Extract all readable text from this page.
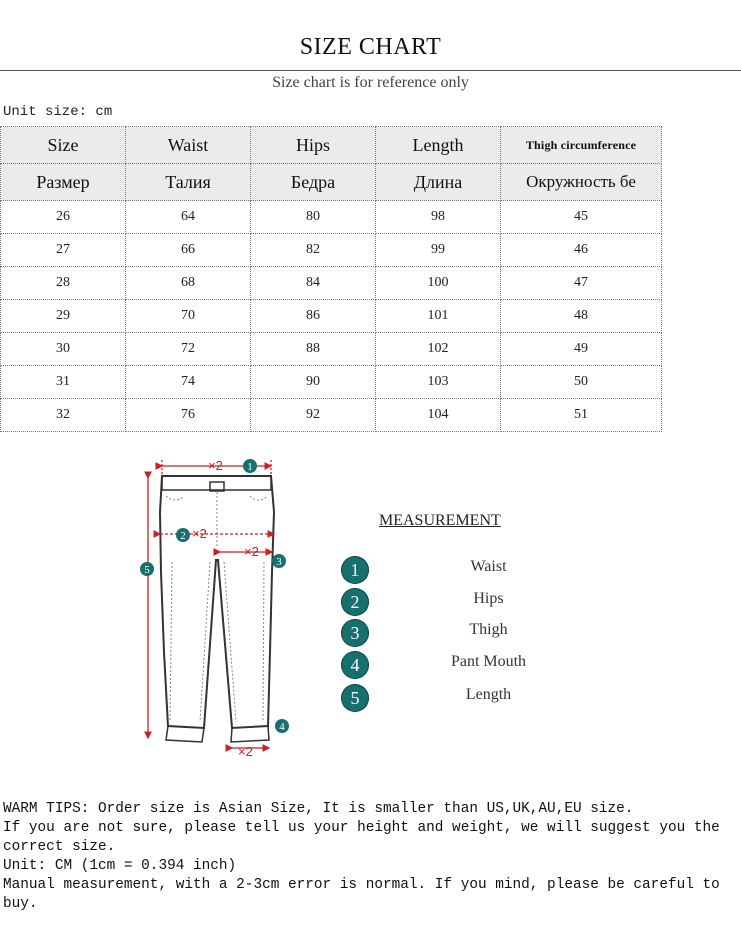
SIZE CHART
Size chart is for reference only
Unit size: cm
Size	Waist	Hips	Length	Thigh circumference
Размер	Талия	Бедра	Длина	Окружность бе
26	64	80	98	45
27	66	82	99	46
28	68	84	100	47
29	70	86	101	48
30	72	88	102	49
31	74	90	103	50
32	76	92	104	51
×2
×2
×2
×2
1
2
3
4
5
MEASUREMENT
1	Waist
2	Hips
3	Thigh
4	Pant Mouth
5	Length
WARM TIPS: Order size is Asian Size, It is smaller than US,UK,AU,EU size.
If you are not sure, please tell us your height and weight, we will suggest you the correct size.
Unit: CM (1cm = 0.394 inch)
Manual measurement, with a 2-3cm error is normal. If you mind, please be careful to buy.
